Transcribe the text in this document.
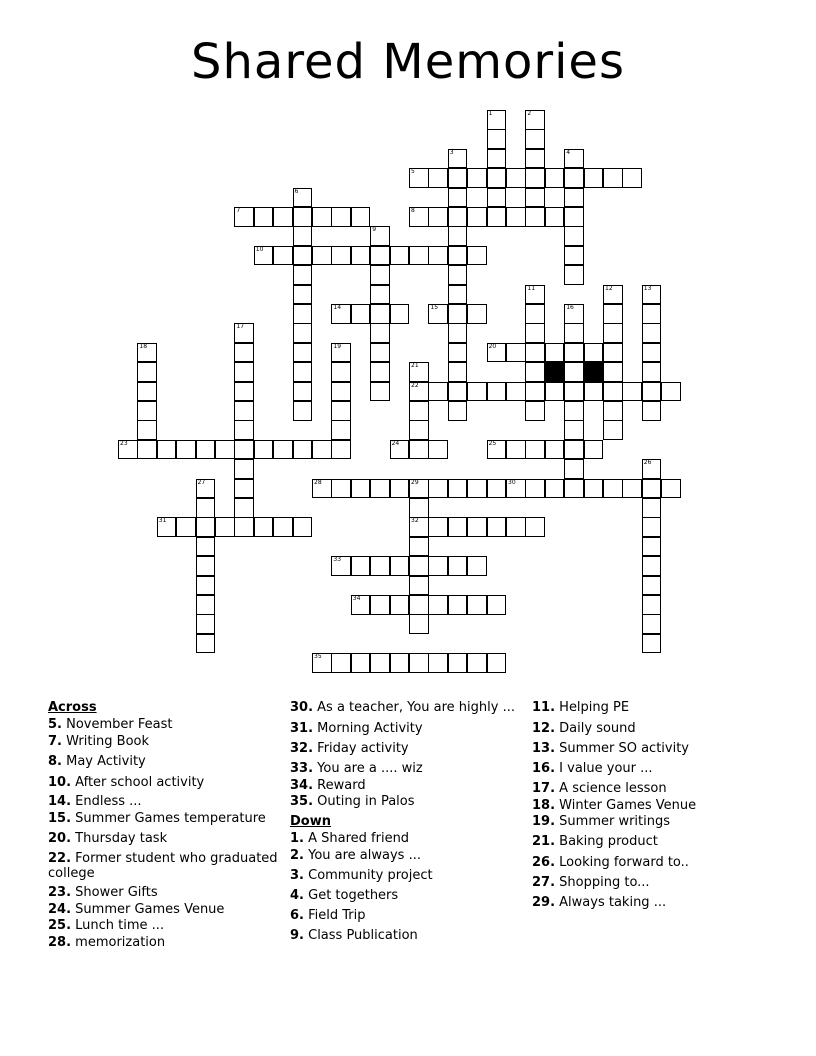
Shared Memories
5
7	8
10
14	15
20
22
23	24	25
28	29	30
31	32
33
34
35
1	2
3	4
6
9
11	12	13
16
17
18	19
21
26
27
Across
5. November Feast
7. Writing Book
8. May Activity
10. After school activity
14. Endless ...
15. Summer Games temperature
20. Thursday task
22. Former student who graduated college
23. Shower Gifts
24. Summer Games Venue
25. Lunch time ...
28. memorization
30. As a teacher, You are highly ...
31. Morning Activity
32. Friday activity
33. You are a .... wiz
34. Reward
35. Outing in Palos
Down
1. A Shared friend
2. You are always ...
3. Community project
4. Get togethers
6. Field Trip
9. Class Publication
11. Helping PE
12. Daily sound
13. Summer SO activity
16. I value your ...
17. A science lesson
18. Winter Games Venue
19. Summer writings
21. Baking product
26. Looking forward to..
27. Shopping to...
29. Always taking ...
